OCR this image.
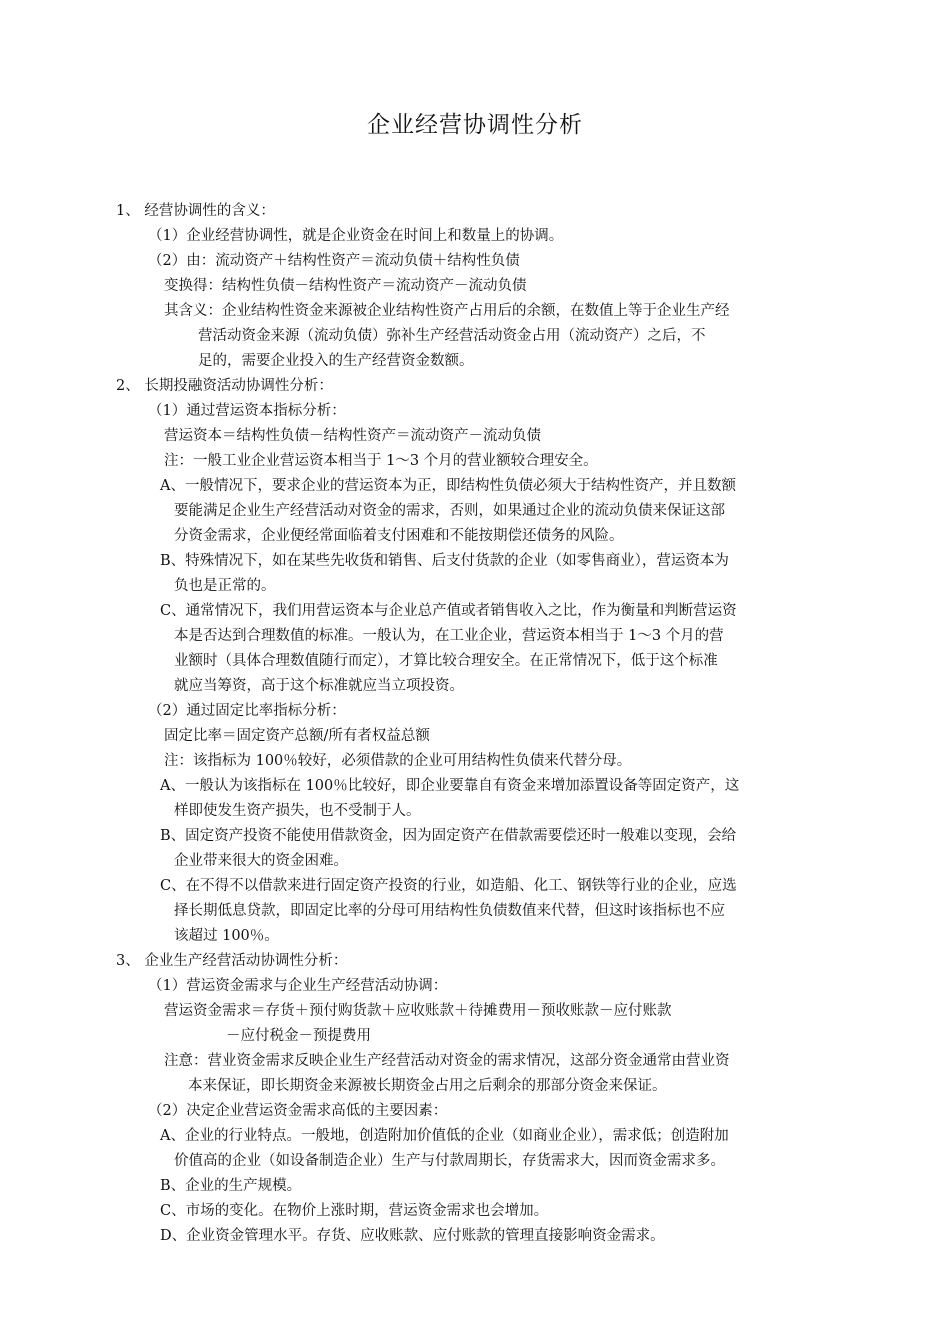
企业经营协调性分析
1、 经营协调性的含义：
（1）企业经营协调性，就是企业资金在时间上和数量上的协调。
（2）由：流动资产＋结构性资产＝流动负债＋结构性负债
变换得：结构性负债－结构性资产＝流动资产－流动负债
其含义：企业结构性资金来源被企业结构性资产占用后的余额，在数值上等于企业生产经
营活动资金来源（流动负债）弥补生产经营活动资金占用（流动资产）之后，不
足的，需要企业投入的生产经营资金数额。
2、 长期投融资活动协调性分析：
（1）通过营运资本指标分析：
营运资本＝结构性负债－结构性资产＝流动资产－流动负债
注：一般工业企业营运资本相当于 1～3 个月的营业额较合理安全。
A、一般情况下，要求企业的营运资本为正，即结构性负债必须大于结构性资产，并且数额
要能满足企业生产经营活动对资金的需求，否则，如果通过企业的流动负债来保证这部
分资金需求，企业便经常面临着支付困难和不能按期偿还债务的风险。
B、特殊情况下，如在某些先收货和销售、后支付货款的企业（如零售商业），营运资本为
负也是正常的。
C、通常情况下，我们用营运资本与企业总产值或者销售收入之比，作为衡量和判断营运资
本是否达到合理数值的标准。一般认为，在工业企业，营运资本相当于 1～3 个月的营
业额时（具体合理数值随行而定），才算比较合理安全。在正常情况下，低于这个标准
就应当筹资，高于这个标准就应当立项投资。
（2）通过固定比率指标分析：
固定比率＝固定资产总额/所有者权益总额
注：该指标为 100％较好，必须借款的企业可用结构性负债来代替分母。
A、一般认为该指标在 100％比较好，即企业要靠自有资金来增加添置设备等固定资产，这
样即使发生资产损失，也不受制于人。
B、固定资产投资不能使用借款资金，因为固定资产在借款需要偿还时一般难以变现，会给
企业带来很大的资金困难。
C、在不得不以借款来进行固定资产投资的行业，如造船、化工、钢铁等行业的企业，应选
择长期低息贷款，即固定比率的分母可用结构性负债数值来代替，但这时该指标也不应
该超过 100％。
3、 企业生产经营活动协调性分析：
（1）营运资金需求与企业生产经营活动协调：
营运资金需求＝存货＋预付购货款＋应收账款＋待摊费用－预收账款－应付账款
－应付税金－预提费用
注意：营业资金需求反映企业生产经营活动对资金的需求情况，这部分资金通常由营业资
本来保证，即长期资金来源被长期资金占用之后剩余的那部分资金来保证。
（2）决定企业营运资金需求高低的主要因素：
A、企业的行业特点。一般地，创造附加价值低的企业（如商业企业），需求低；创造附加
价值高的企业（如设备制造企业）生产与付款周期长，存货需求大，因而资金需求多。
B、企业的生产规模。
C、市场的变化。在物价上涨时期，营运资金需求也会增加。
D、企业资金管理水平。存货、应收账款、应付账款的管理直接影响资金需求。
